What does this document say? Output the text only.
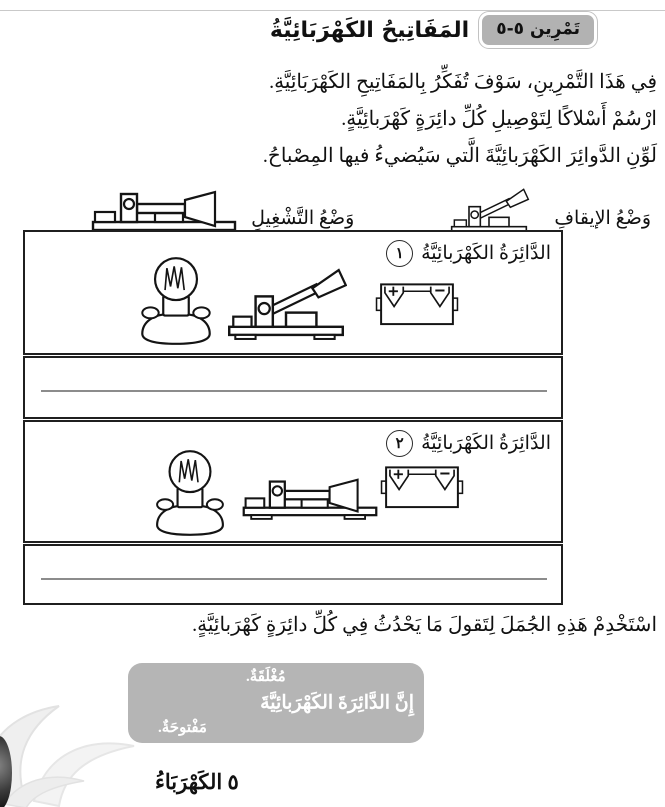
تَمْرِين ٥-٥
المَفَاتِيحُ الكَهْرَبَائِيَّةُ
فِي هَذَا التَّمْرِينِ، سَوْفَ تُفَكِّرُ بِالمَفَاتِيحِ الكَهْرَبَائِيَّةِ.
ارْسُمْ أَسْلاكًا لِتَوْصِيلِ كُلِّ دائِرَةٍ كَهْرَبائِيَّةٍ.
لَوِّنِ الدَّوائِرَ الكَهْرَبائِيَّةَ الَّتي سَيُضيءُ فيها المِصْباحُ.
وَضْعُ الإيقافِ
وَضْعُ التَّشْغِيلِ
الدَّائِرَةُ الكَهْرَبائِيَّةُ
١
الدَّائِرَةُ الكَهْرَبائِيَّةُ
٢
اسْتَخْدِمْ هَذِهِ الجُمَلَ لِتَقولَ مَا يَحْدُثُ فِي كُلِّ دائِرَةٍ كَهْرَبائِيَّةٍ.
إِنَّ الدَّائِرَةَ الكَهْرَبائِيَّةَ
مُغْلَقَةٌ.
مَفْتوحَةٌ.
٥ الكَهْرَبَاءُ
